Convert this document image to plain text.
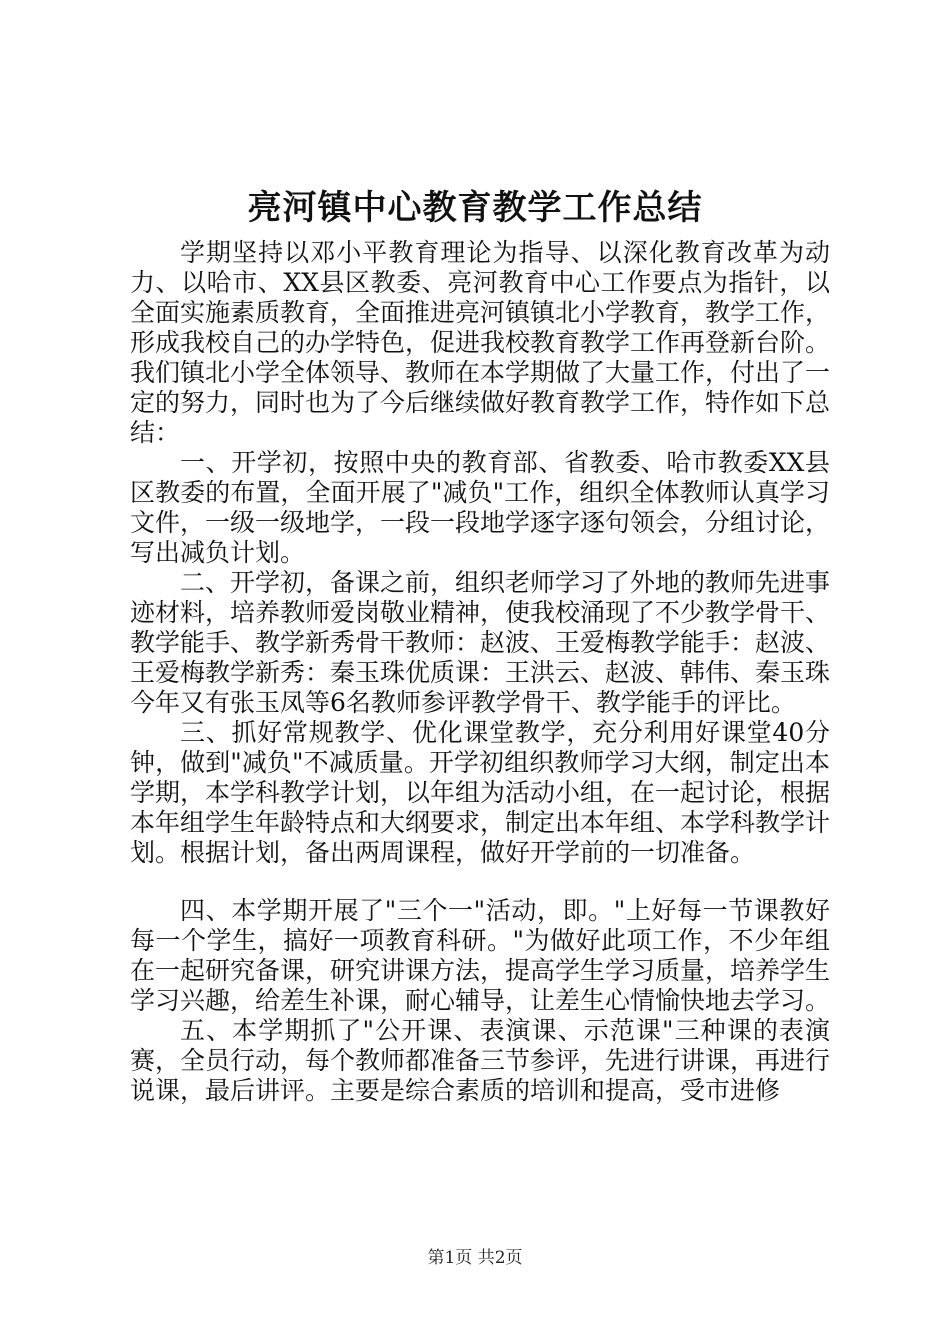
亮河镇中心教育教学工作总结

学期坚持以邓小平教育理论为指导、以深化教育改革为动力、以哈市、XX县区教委、亮河教育中心工作要点为指针，以全面实施素质教育，全面推进亮河镇镇北小学教育，教学工作，形成我校自己的办学特色，促进我校教育教学工作再登新台阶。我们镇北小学全体领导、教师在本学期做了大量工作，付出了一定的努力，同时也为了今后继续做好教育教学工作，特作如下总结：

一、开学初，按照中央的教育部、省教委、哈市教委XX县区教委的布置，全面开展了"减负"工作，组织全体教师认真学习文件，一级一级地学，一段一段地学逐字逐句领会，分组讨论，写出减负计划。

二、开学初，备课之前，组织老师学习了外地的教师先进事迹材料，培养教师爱岗敬业精神，使我校涌现了不少教学骨干、教学能手、教学新秀骨干教师：赵波、王爱梅教学能手：赵波、王爱梅教学新秀：秦玉珠优质课：王洪云、赵波、韩伟、秦玉珠今年又有张玉凤等6名教师参评教学骨干、教学能手的评比。

三、抓好常规教学、优化课堂教学，充分利用好课堂40分钟，做到"减负"不减质量。开学初组织教师学习大纲，制定出本学期，本学科教学计划，以年组为活动小组，在一起讨论，根据本年组学生年龄特点和大纲要求，制定出本年组、本学科教学计划。根据计划，备出两周课程，做好开学前的一切准备。

四、本学期开展了"三个一"活动，即。"上好每一节课教好每一个学生，搞好一项教育科研。"为做好此项工作，不少年组在一起研究备课，研究讲课方法，提高学生学习质量，培养学生学习兴趣，给差生补课，耐心辅导，让差生心情愉快地去学习。

五、本学期抓了"公开课、表演课、示范课"三种课的表演赛，全员行动，每个教师都准备三节参评，先进行讲课，再进行说课，最后讲评。主要是综合素质的培训和提高，受市进修

第1页 共2页
